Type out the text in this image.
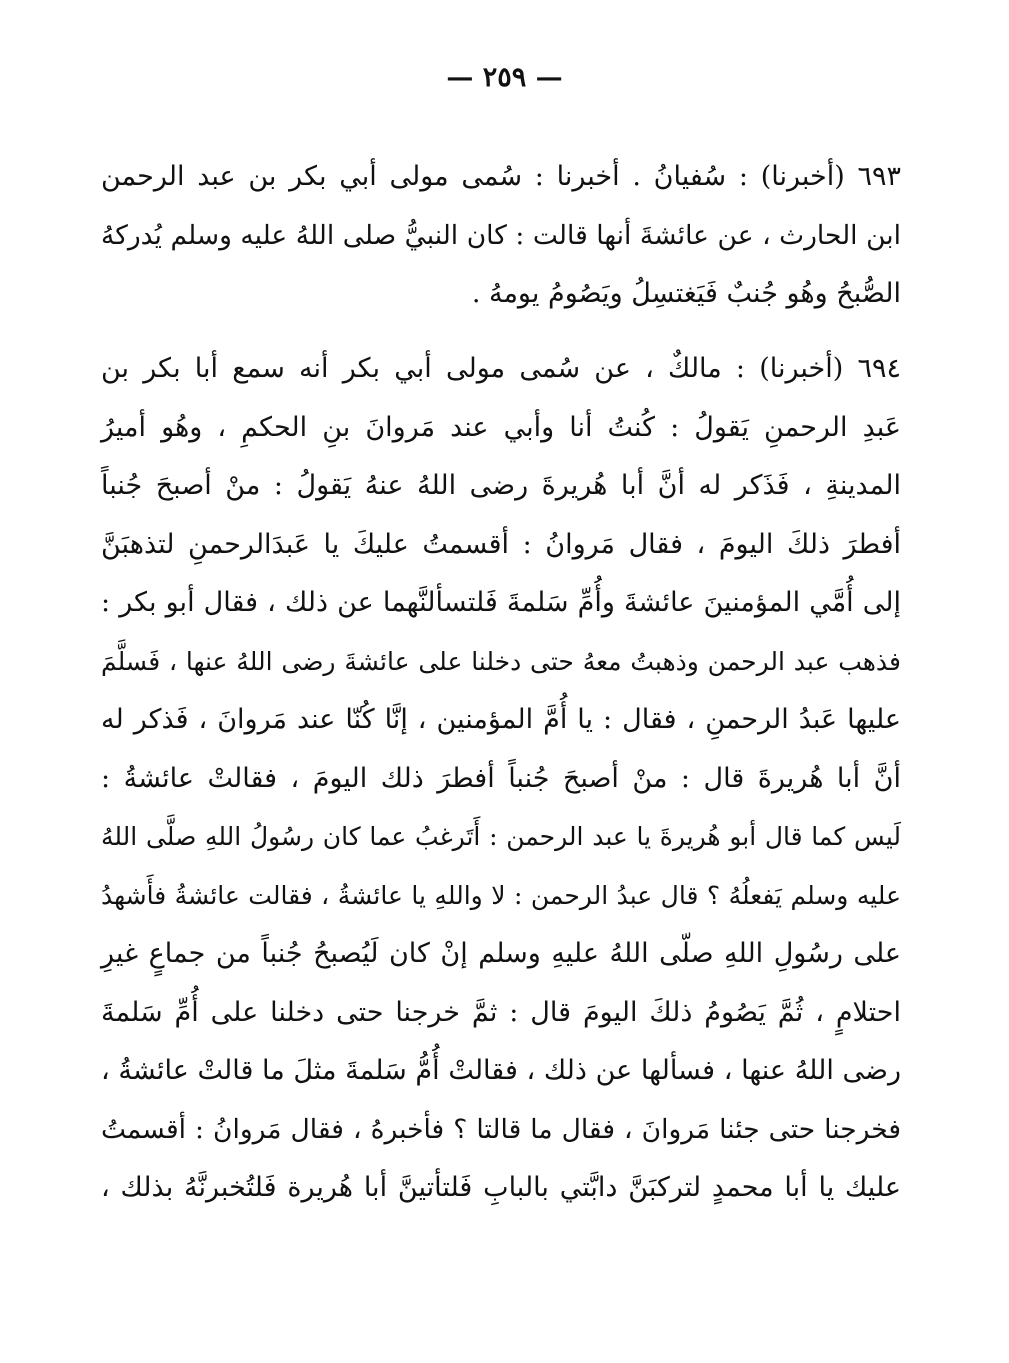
— ٢٥٩ —
٦٩٣ (أخبرنا) : سُفيانُ . أخبرنا : سُمى مولى أبي بكر بن عبد الرحمن
ابن الحارث ، عن عائشةَ أنها قالت : كان النبيُّ صلى اللهُ عليه وسلم يُدركهُ
الصُّبحُ وهُو جُنبٌ فَيَغتسِلُ ويَصُومُ يومهُ .
٦٩٤ (أخبرنا) : مالكٌ ، عن سُمى مولى أبي بكر أنه سمع أبا بكر بن
عَبدِ الرحمنِ يَقولُ : كُنتُ أنا وأبي عند مَروانَ بنِ الحكمِ ، وهُو أميرُ
المدينةِ ، فَذَكر له أنَّ أبا هُريرةَ رضى اللهُ عنهُ يَقولُ : منْ أصبحَ جُنباً
أفطرَ ذلكَ اليومَ ، فقال مَروانُ : أقسمتُ عليكَ يا عَبدَالرحمنِ لتذهبَنَّ
إلى أُمَّي المؤمنينَ عائشةَ وأُمِّ سَلمةَ فَلتسألنَّهما عن ذلك ، فقال أبو بكر :
فذهب عبد الرحمن وذهبتُ معهُ حتى دخلنا على عائشةَ رضى اللهُ عنها ، فَسلَّمَ
عليها عَبدُ الرحمنِ ، فقال : يا أُمَّ المؤمنين ، إنَّا كُنّا عند مَروانَ ، فَذكر له
أنَّ أبا هُريرةَ قال : منْ أصبحَ جُنباً أفطرَ ذلك اليومَ ، فقالتْ عائشةُ :
لَيس كما قال أبو هُريرةَ يا عبد الرحمن : أَتَرغبُ عما كان رسُولُ اللهِ صلَّى اللهُ
عليه وسلم يَفعلُهُ ؟ قال عبدُ الرحمن : لا واللهِ يا عائشةُ ، فقالت عائشةُ فأَشهدُ
على رسُولِ اللهِ صلّى اللهُ عليهِ وسلم إنْ كان لَيُصبحُ جُنباً من جماعٍ غيرِ
احتلامٍ ، ثُمَّ يَصُومُ ذلكَ اليومَ قال : ثمَّ خرجنا حتى دخلنا على أُمِّ سَلمةَ
رضى اللهُ عنها ، فسألها عن ذلك ، فقالتْ أُمُّ سَلمةَ مثلَ ما قالتْ عائشةُ ،
فخرجنا حتى جئنا مَروانَ ، فقال ما قالتا ؟ فأخبرهُ ، فقال مَروانُ : أقسمتُ
عليك يا أبا محمدٍ لتركبَنَّ دابَّتي بالبابِ فَلتأتينَّ أبا هُريرة فَلتُخبرنَّهُ بذلك ،
